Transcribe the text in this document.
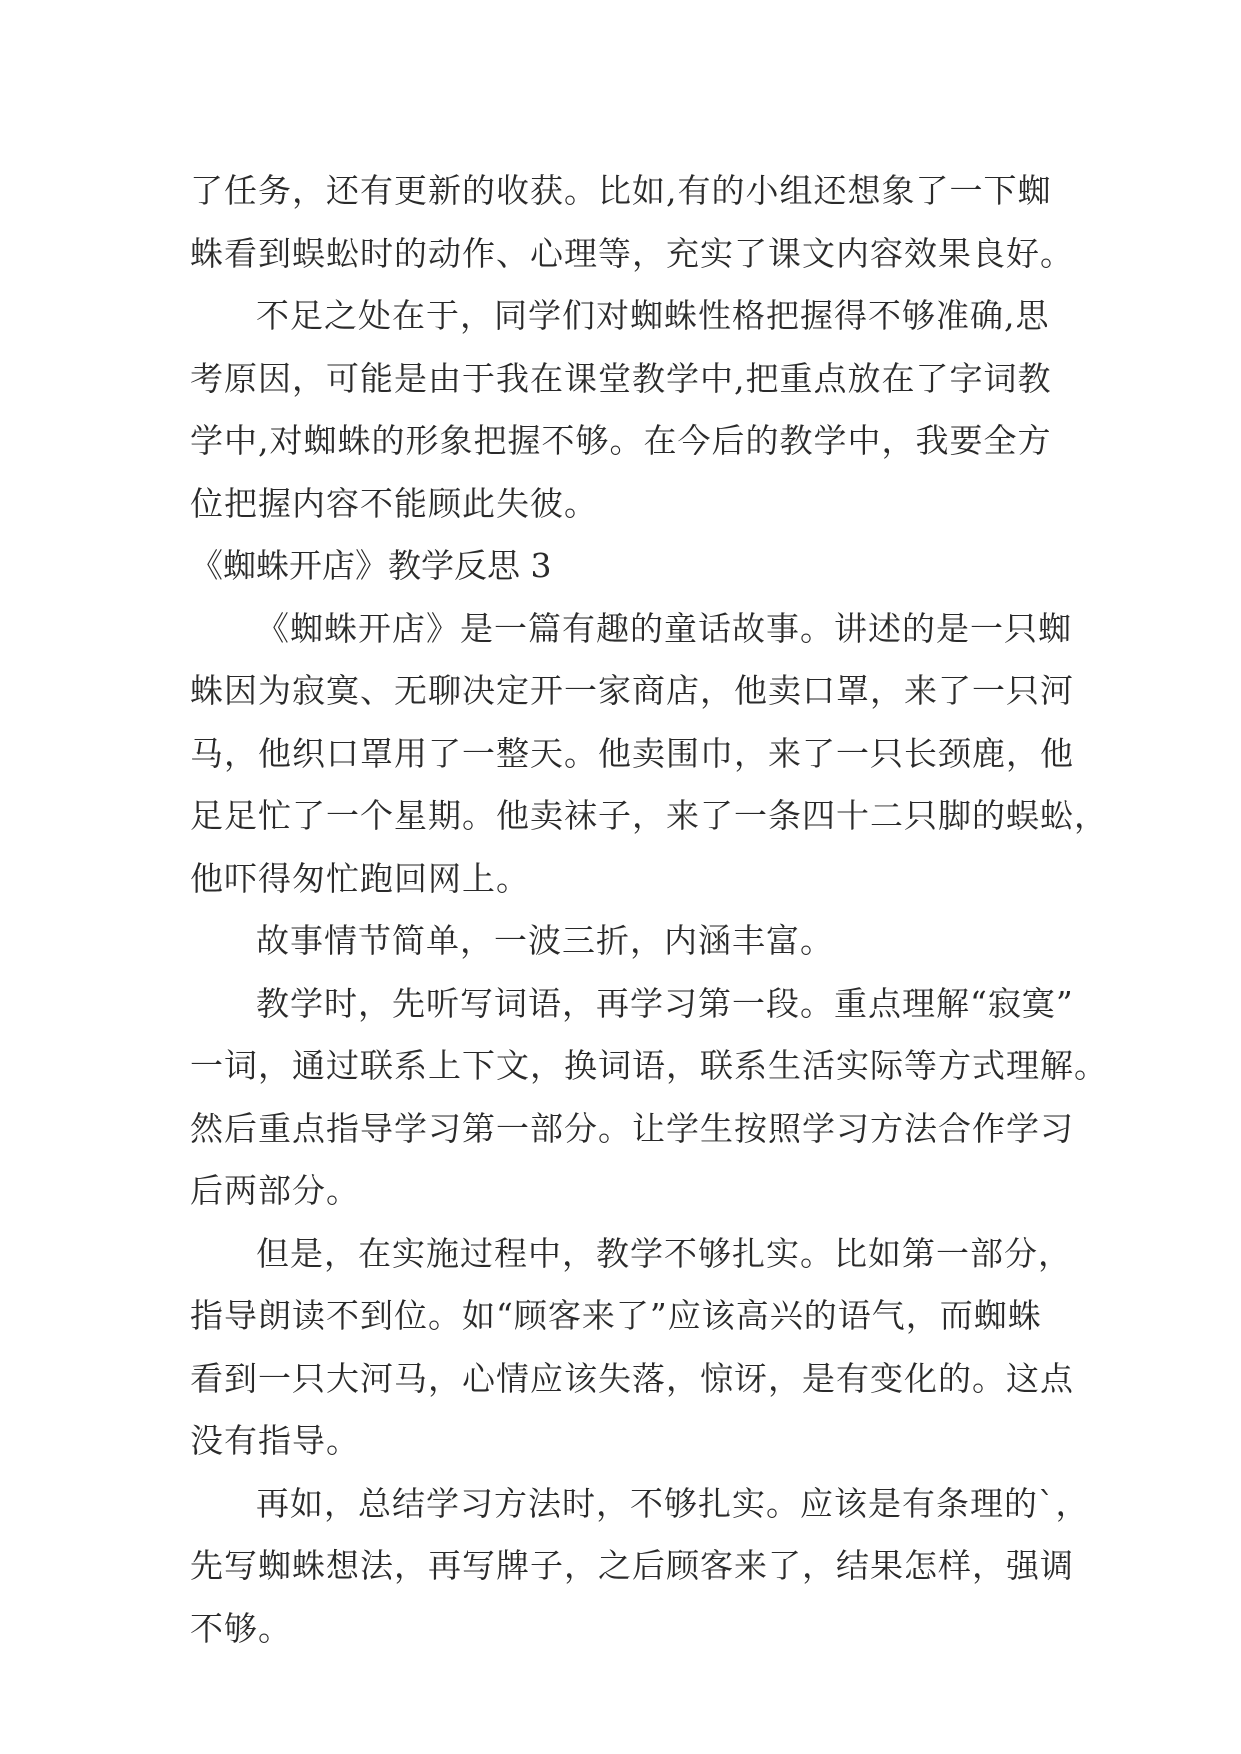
了任务，还有更新的收获。比如,有的小组还想象了一下蜘
蛛看到蜈蚣时的动作、心理等，充实了课文内容效果良好。
不足之处在于，同学们对蜘蛛性格把握得不够准确,思
考原因，可能是由于我在课堂教学中,把重点放在了字词教
学中,对蜘蛛的形象把握不够。在今后的教学中，我要全方
位把握内容不能顾此失彼。
《蜘蛛开店》教学反思 3
《蜘蛛开店》是一篇有趣的童话故事。讲述的是一只蜘
蛛因为寂寞、无聊决定开一家商店，他卖口罩，来了一只河
马，他织口罩用了一整天。他卖围巾，来了一只长颈鹿，他
足足忙了一个星期。他卖袜子，来了一条四十二只脚的蜈蚣，
他吓得匆忙跑回网上。
故事情节简单，一波三折，内涵丰富。
教学时，先听写词语，再学习第一段。重点理解“寂寞”
一词，通过联系上下文，换词语，联系生活实际等方式理解。
然后重点指导学习第一部分。让学生按照学习方法合作学习
后两部分。
但是，在实施过程中，教学不够扎实。比如第一部分，
指导朗读不到位。如“顾客来了”应该高兴的语气，而蜘蛛
看到一只大河马，心情应该失落，惊讶，是有变化的。这点
没有指导。
再如，总结学习方法时，不够扎实。应该是有条理的`，
先写蜘蛛想法，再写牌子，之后顾客来了，结果怎样，强调
不够。
